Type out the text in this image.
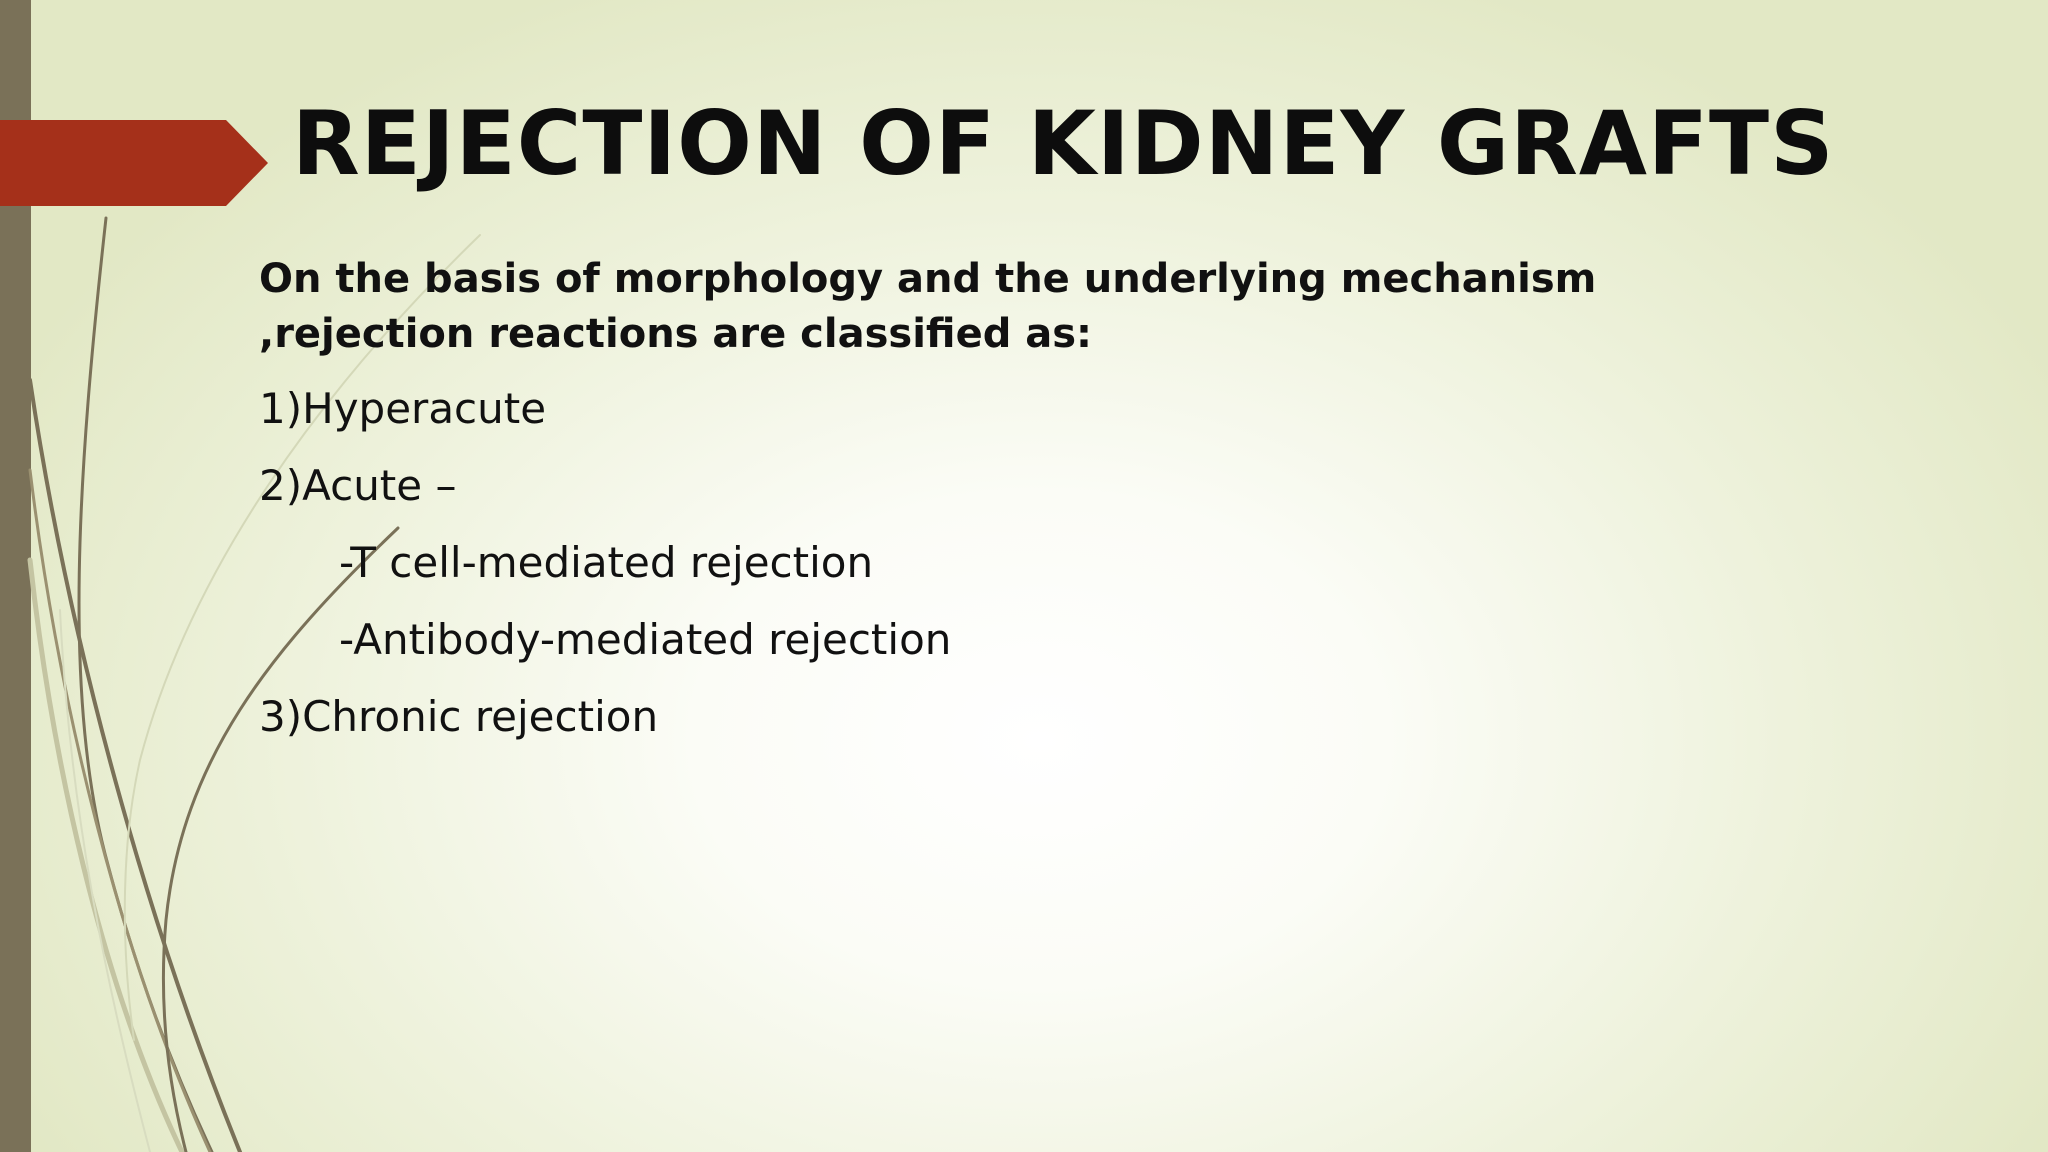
REJECTION OF KIDNEY GRAFTS

On the basis of morphology and the underlying mechanism ,rejection reactions are classified as:

1)Hyperacute

2)Acute –

-T cell-mediated rejection

-Antibody-mediated rejection

3)Chronic rejection
